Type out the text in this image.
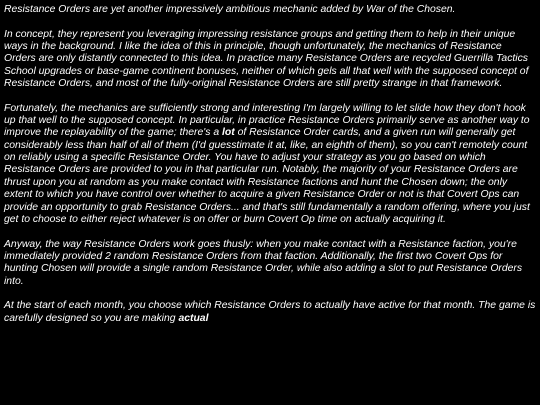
Resistance Orders are yet another impressively ambitious mechanic added by War of the Chosen.

In concept, they represent you leveraging impressing resistance groups and getting them to help in their unique ways in the background. I like the idea of this in principle, though unfortunately, the mechanics of Resistance Orders are only distantly connected to this idea. In practice many Resistance Orders are recycled Guerrilla Tactics School upgrades or base-game continent bonuses, neither of which gels all that well with the supposed concept of Resistance Orders, and most of the fully-original Resistance Orders are still pretty strange in that framework.

Fortunately, the mechanics are sufficiently strong and interesting I'm largely willing to let slide how they don't hook up that well to the supposed concept. In particular, in practice Resistance Orders primarily serve as another way to improve the replayability of the game; there's a lot of Resistance Order cards, and a given run will generally get considerably less than half of all of them (I'd guesstimate it at, like, an eighth of them), so you can't remotely count on reliably using a specific Resistance Order. You have to adjust your strategy as you go based on which Resistance Orders are provided to you in that particular run. Notably, the majority of your Resistance Orders are thrust upon you at random as you make contact with Resistance factions and hunt the Chosen down; the only extent to which you have control over whether to acquire a given Resistance Order or not is that Covert Ops can provide an opportunity to grab Resistance Orders... and that's still fundamentally a random offering, where you just get to choose to either reject whatever is on offer or burn Covert Op time on actually acquiring it.

Anyway, the way Resistance Orders work goes thusly: when you make contact with a Resistance faction, you're immediately provided 2 random Resistance Orders from that faction. Additionally, the first two Covert Ops for hunting Chosen will provide a single random Resistance Order, while also adding a slot to put Resistance Orders into.

At the start of each month, you choose which Resistance Orders to actually have active for that month. The game is carefully designed so you are making actual
